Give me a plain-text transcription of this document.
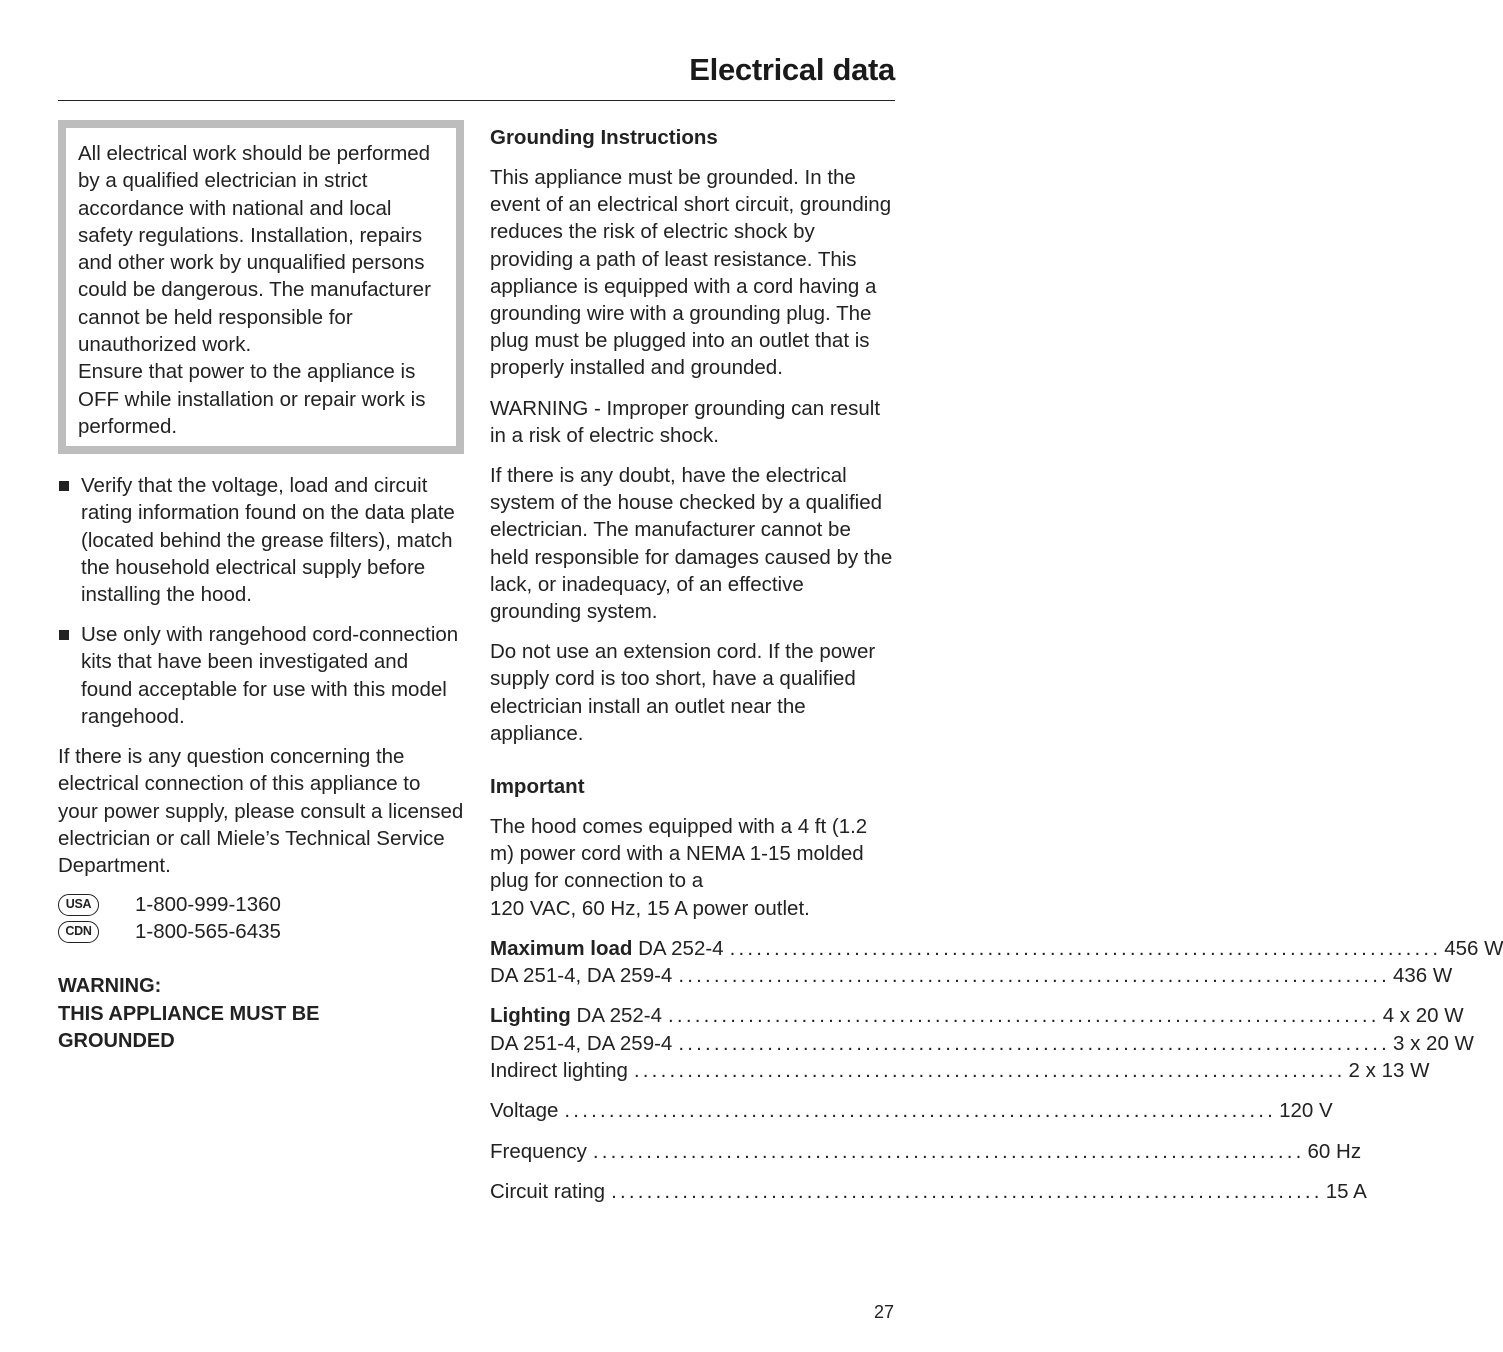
Electrical data

All electrical work should be performed by a qualified electrician in strict accordance with national and local safety regulations. Installation, repairs and other work by unqualified persons could be dangerous. The manufacturer cannot be held responsible for unauthorized work.

Ensure that power to the appliance is OFF while installation or repair work is performed.

Verify that the voltage, load and circuit rating information found on the data plate (located behind the grease filters), match the household electrical supply before installing the hood.
Use only with rangehood cord-connection kits that have been investigated and found acceptable for use with this model rangehood.

If there is any question concerning the electrical connection of this appliance to your power supply, please consult a licensed electrician or call Miele’s Technical Service Department.

USA	1-800-999-1360
CDN	1-800-565-6435
WARNING:
THIS APPLIANCE MUST BE
GROUNDED
Grounding Instructions

This appliance must be grounded. In the event of an electrical short circuit, grounding reduces the risk of electric shock by providing a path of least resistance. This appliance is equipped with a cord having a grounding wire with a grounding plug. The plug must be plugged into an outlet that is properly installed and grounded.

WARNING - Improper grounding can result in a risk of electric shock.

If there is any doubt, have the electrical system of the house checked by a qualified electrician. The manufacturer cannot be held responsible for damages caused by the lack, or inadequacy, of an effective grounding system.

Do not use an extension cord. If the power supply cord is too short, have a qualified electrician install an outlet near the appliance.

Important

The hood comes equipped with a 4 ft (1.2 m) power cord with a NEMA 1-15 molded plug for connection to a
120 VAC, 60 Hz, 15 A power outlet.

Maximum load DA 252-4 ................................................................................ 456 W
DA 251-4, DA 259-4 ................................................................................ 436 W
Lighting DA 252-4 ................................................................................ 4 x 20 W
DA 251-4, DA 259-4 ................................................................................ 3 x 20 W
Indirect lighting ................................................................................ 2 x 13 W
Voltage ................................................................................ 120 V
Frequency ................................................................................ 60 Hz
Circuit rating ................................................................................ 15 A
27
